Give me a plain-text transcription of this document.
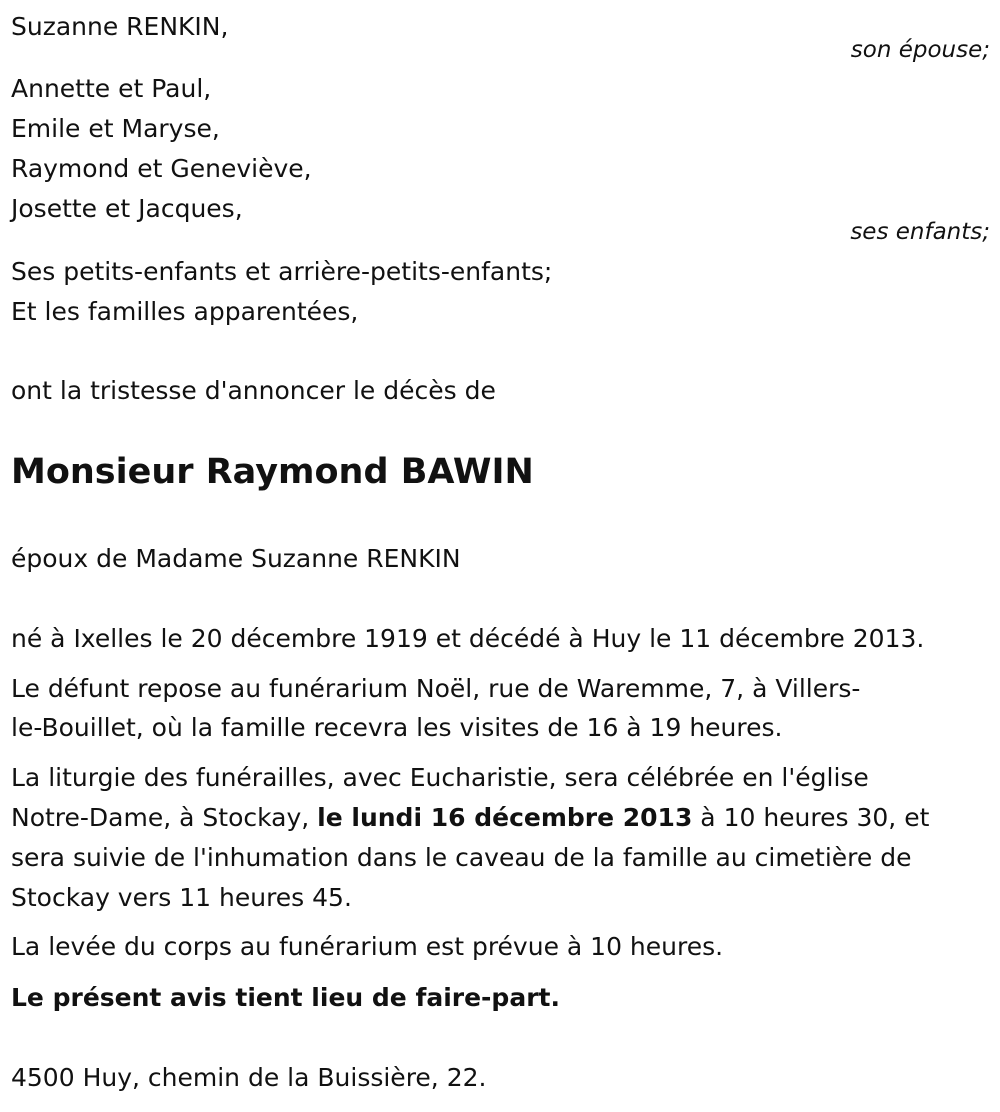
Suzanne RENKIN,
son épouse;
Annette et Paul,
Emile et Maryse,
Raymond et Geneviève,
Josette et Jacques,
ses enfants;
Ses petits-enfants et arrière-petits-enfants;
Et les familles apparentées,
ont la tristesse d'annoncer le décès de
Monsieur Raymond BAWIN
époux de Madame Suzanne RENKIN
né à Ixelles le 20 décembre 1919 et décédé à Huy le 11 décembre 2013.
Le défunt repose au funérarium Noël, rue de Waremme, 7, à Villers-
le-Bouillet, où la famille recevra les visites de 16 à 19 heures.
La liturgie des funérailles, avec Eucharistie, sera célébrée en l'église
Notre-Dame, à Stockay, le lundi 16 décembre 2013 à 10 heures 30, et
sera suivie de l'inhumation dans le caveau de la famille au cimetière de
Stockay vers 11 heures 45.
La levée du corps au funérarium est prévue à 10 heures.
Le présent avis tient lieu de faire-part.
4500 Huy, chemin de la Buissière, 22.
